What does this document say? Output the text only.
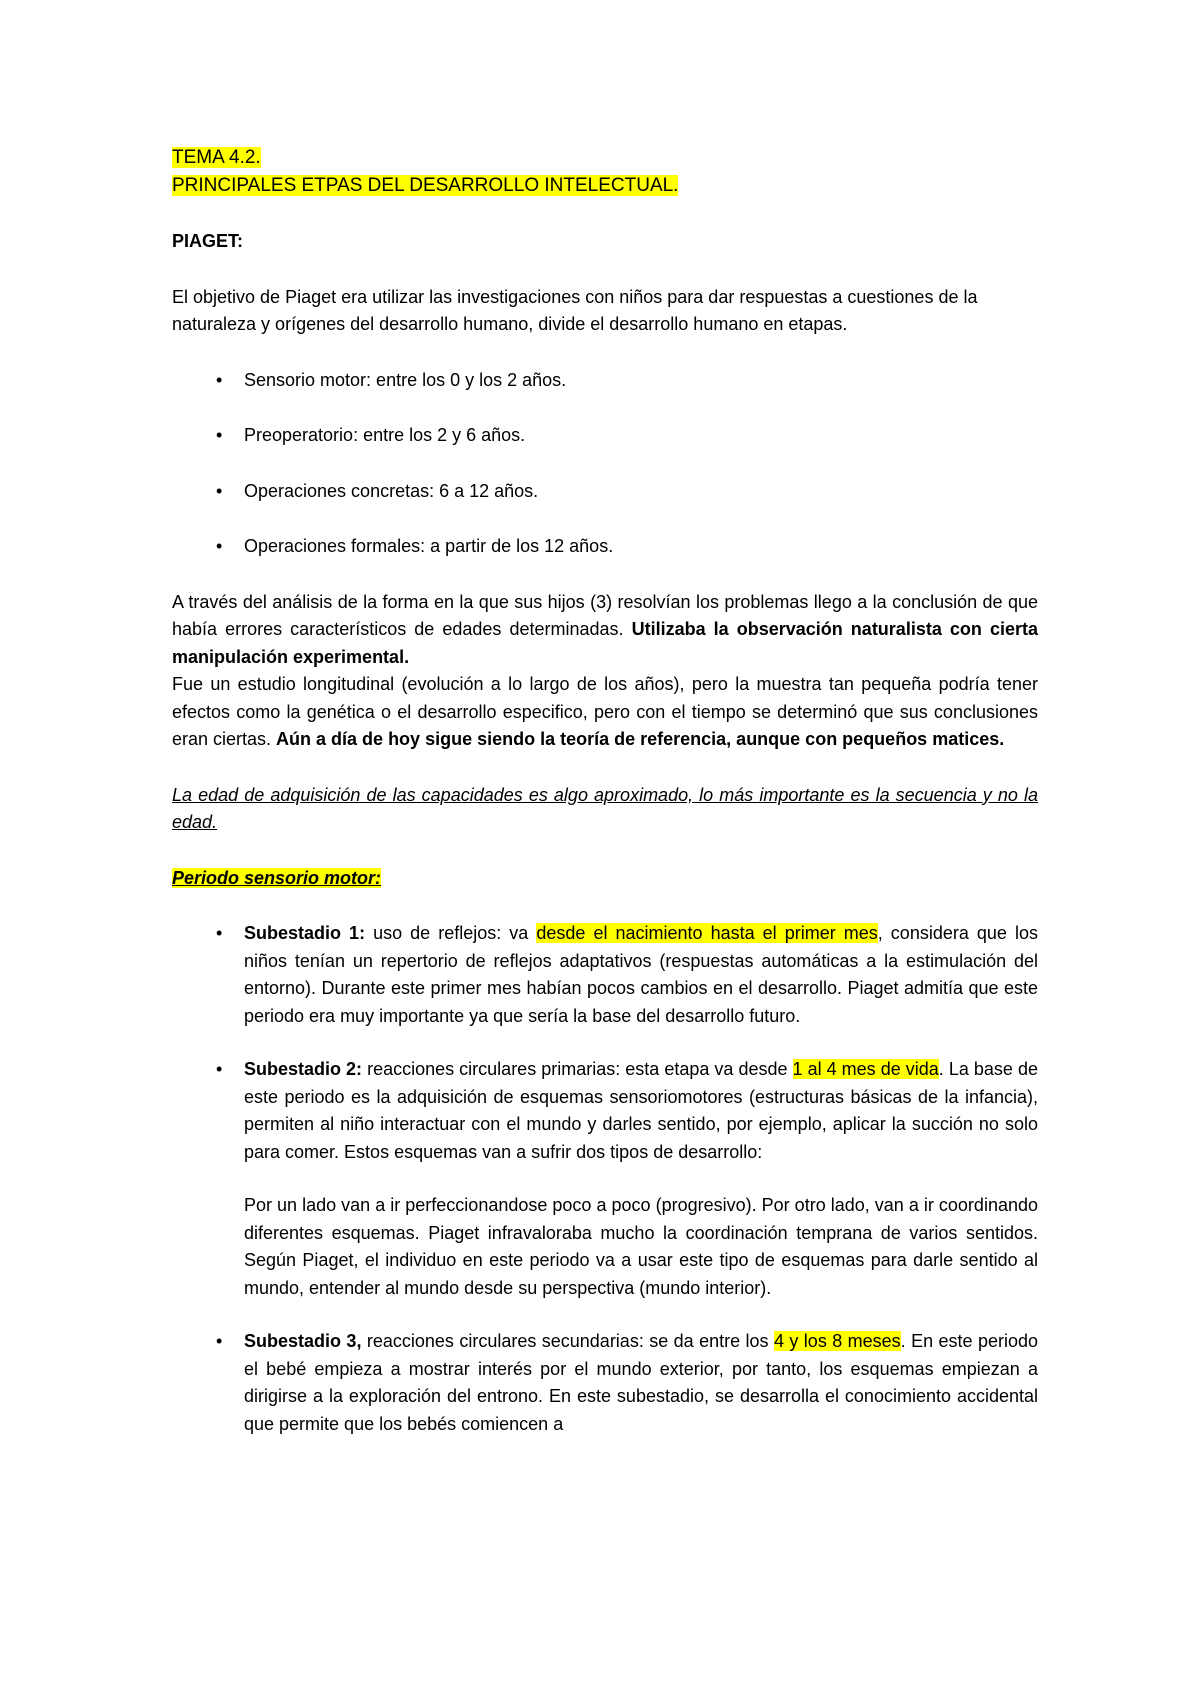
TEMA 4.2.

PRINCIPALES ETPAS DEL DESARROLLO INTELECTUAL.

PIAGET:

El objetivo de Piaget era utilizar las investigaciones con niños para dar respuestas a cuestiones de la naturaleza y orígenes del desarrollo humano, divide el desarrollo humano en etapas.

• Sensorio motor: entre los 0 y los 2 años.
• Preoperatorio: entre los 2 y 6 años.
• Operaciones concretas: 6 a 12 años.
• Operaciones formales: a partir de los 12 años.

A través del análisis de la forma en la que sus hijos (3) resolvían los problemas llego a la conclusión de que había errores característicos de edades determinadas. Utilizaba la observación naturalista con cierta manipulación experimental.
Fue un estudio longitudinal (evolución a lo largo de los años), pero la muestra tan pequeña podría tener efectos como la genética o el desarrollo especifico, pero con el tiempo se determinó que sus conclusiones eran ciertas. Aún a día de hoy sigue siendo la teoría de referencia, aunque con pequeños matices.

La edad de adquisición de las capacidades es algo aproximado, lo más importante es la secuencia y no la edad.

Periodo sensorio motor:

• Subestadio 1: uso de reflejos: va desde el nacimiento hasta el primer mes, considera que los niños tenían un repertorio de reflejos adaptativos (respuestas automáticas a la estimulación del entorno). Durante este primer mes habían pocos cambios en el desarrollo. Piaget admitía que este periodo era muy importante ya que sería la base del desarrollo futuro.
• Subestadio 2: reacciones circulares primarias: esta etapa va desde 1 al 4 mes de vida. La base de este periodo es la adquisición de esquemas sensoriomotores (estructuras básicas de la infancia), permiten al niño interactuar con el mundo y darles sentido, por ejemplo, aplicar la succión no solo para comer. Estos esquemas van a sufrir dos tipos de desarrollo:
Por un lado van a ir perfeccionandose poco a poco (progresivo). Por otro lado, van a ir coordinando diferentes esquemas. Piaget infravaloraba mucho la coordinación temprana de varios sentidos. Según Piaget, el individuo en este periodo va a usar este tipo de esquemas para darle sentido al mundo, entender al mundo desde su perspectiva (mundo interior).
• Subestadio 3, reacciones circulares secundarias: se da entre los 4 y los 8 meses. En este periodo el bebé empieza a mostrar interés por el mundo exterior, por tanto, los esquemas empiezan a dirigirse a la exploración del entrono. En este subestadio, se desarrolla el conocimiento accidental que permite que los bebés comiencen a
